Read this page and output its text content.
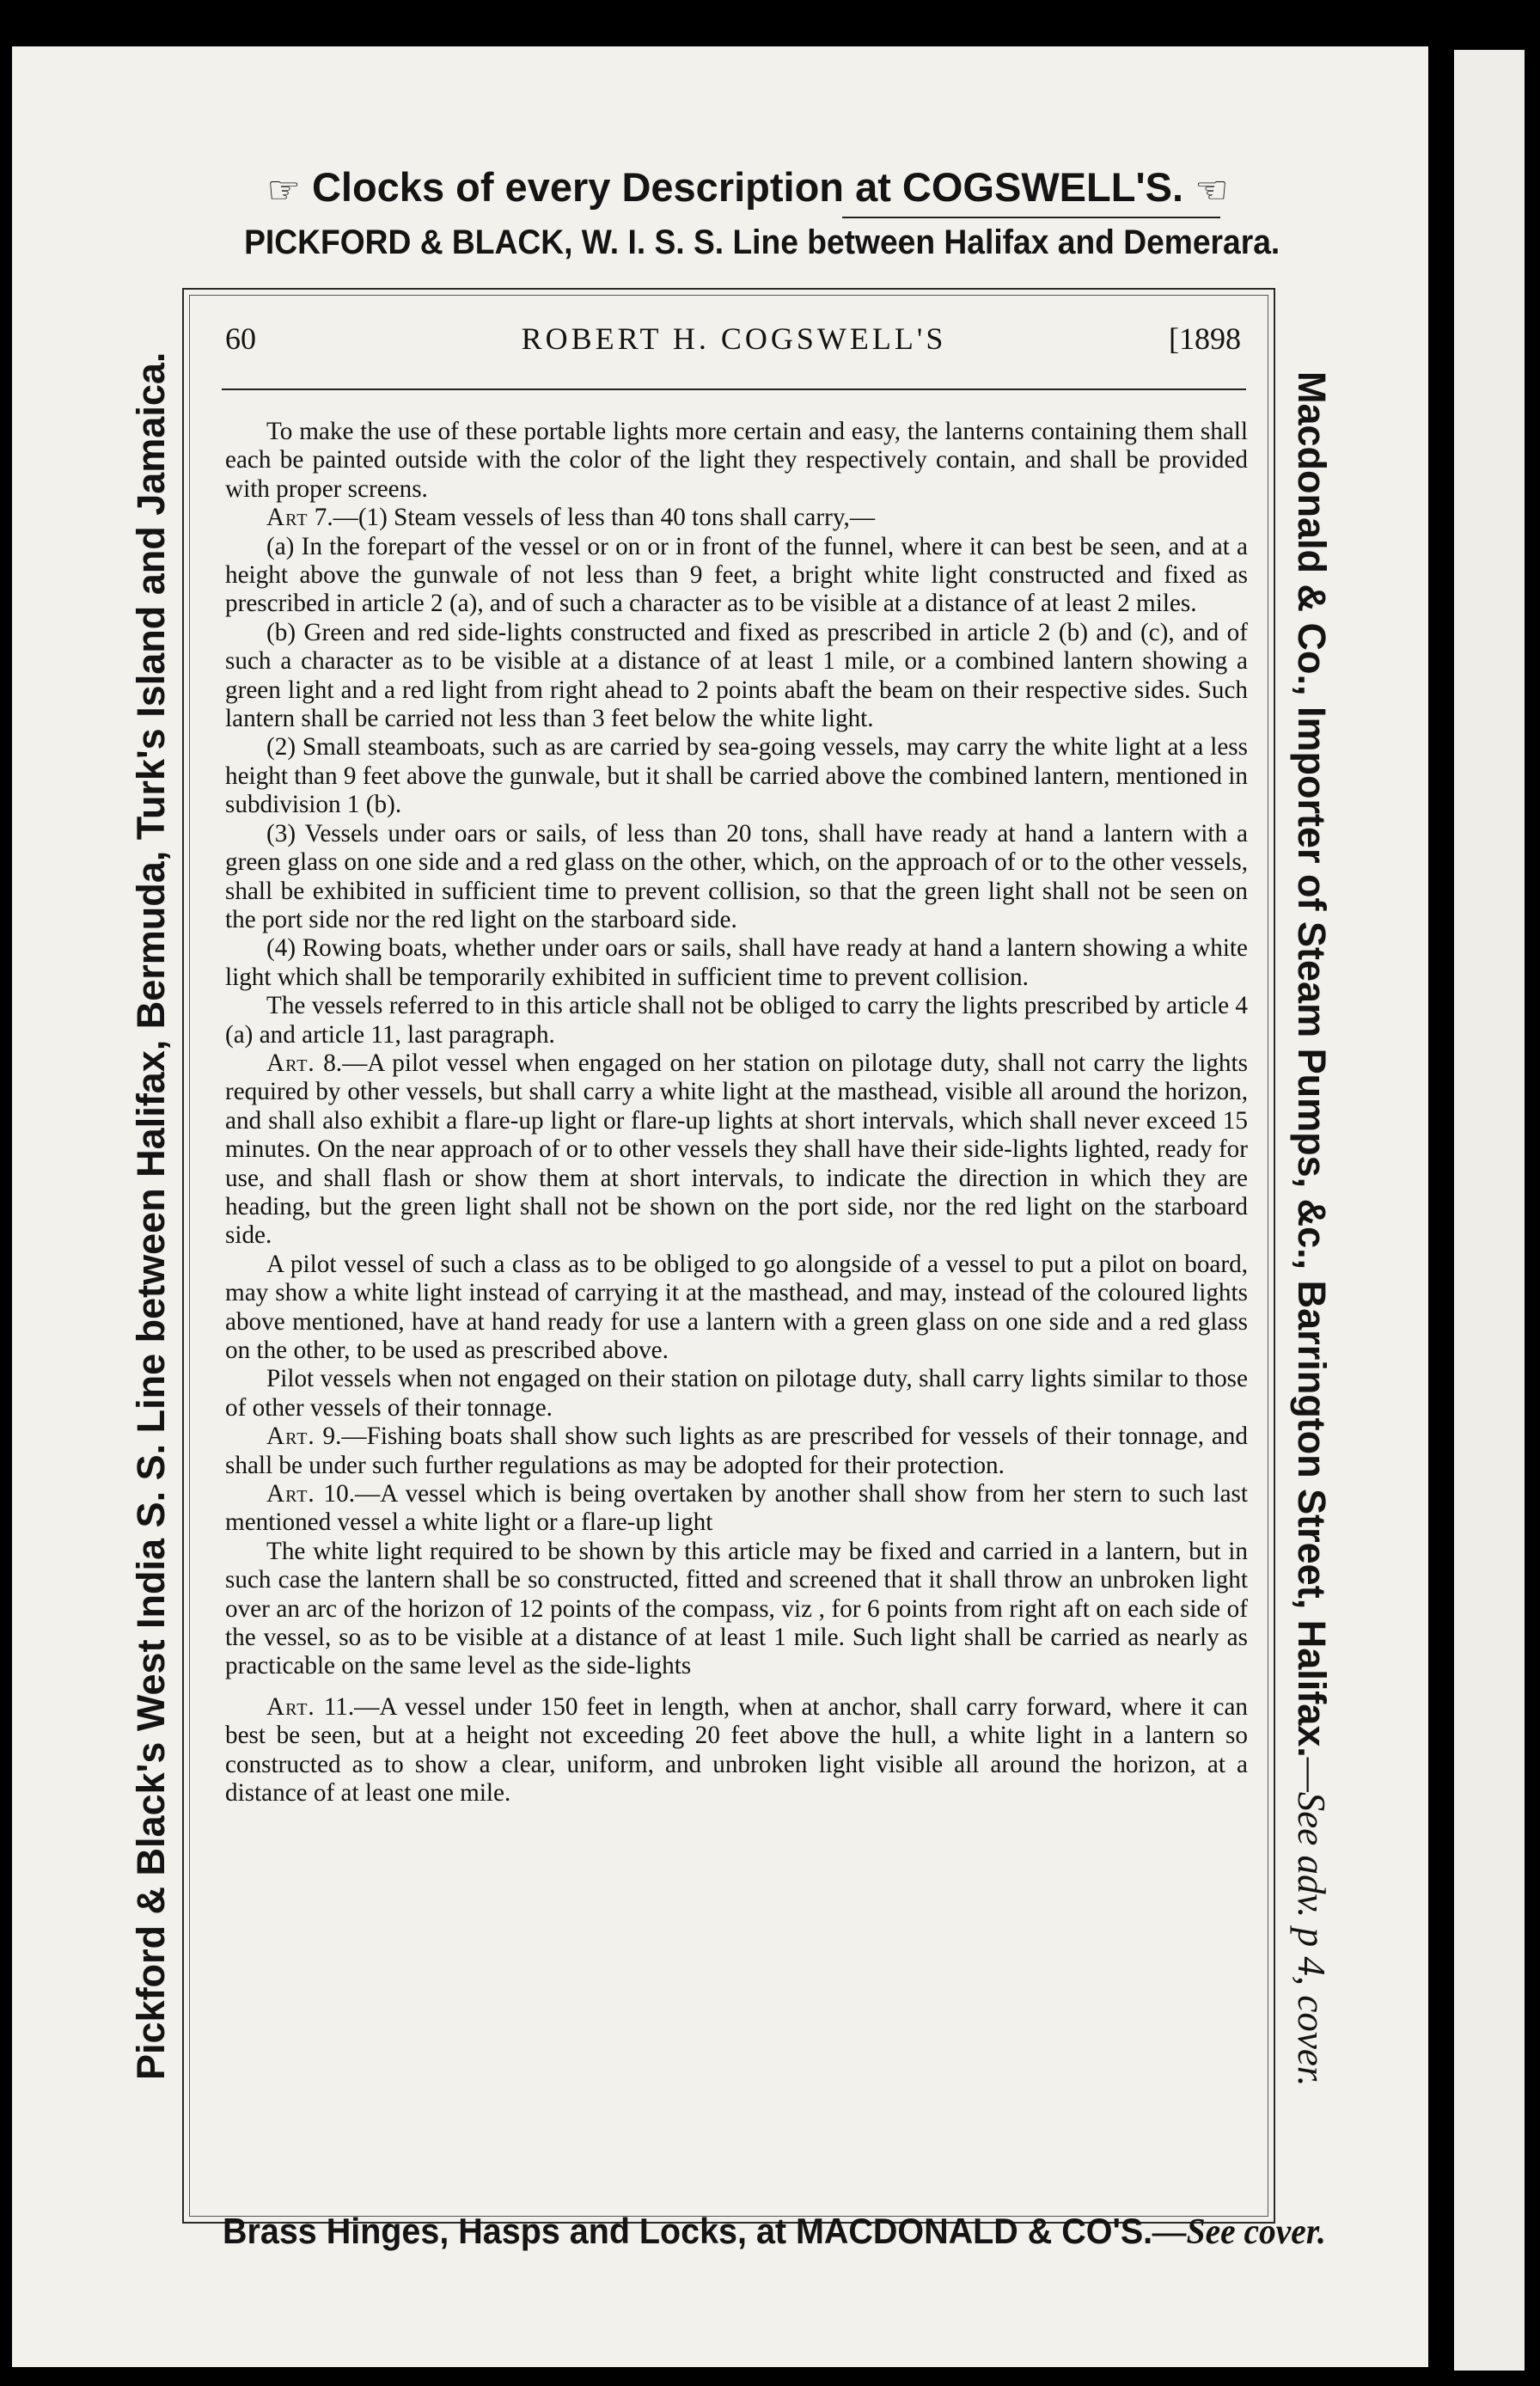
☞ Clocks of every Description at COGSWELL'S. ☞
PICKFORD & BLACK, W. I. S. S. Line between Halifax and Demerara.
Pickford & Black's West India S. S. Line between Halifax, Bermuda, Turk's Island and Jamaica.	Macdonald & Co., Importer of Steam Pumps, &c., Barrington Street, Halifax.—See adv. p 4, cover.
60	ROBERT H. COGSWELL'S	[1898

To make the use of these portable lights more certain and easy, the lanterns containing them shall each be painted outside with the color of the light they respectively contain, and shall be provided with proper screens.

Art 7.—(1) Steam vessels of less than 40 tons shall carry,—

(a) In the forepart of the vessel or on or in front of the funnel, where it can best be seen, and at a height above the gunwale of not less than 9 feet, a bright white light constructed and fixed as prescribed in article 2 (a), and of such a character as to be visible at a distance of at least 2 miles.

(b) Green and red side-lights constructed and fixed as prescribed in article 2 (b) and (c), and of such a character as to be visible at a distance of at least 1 mile, or a combined lantern showing a green light and a red light from right ahead to 2 points abaft the beam on their respective sides. Such lantern shall be carried not less than 3 feet below the white light.

(2) Small steamboats, such as are carried by sea-going vessels, may carry the white light at a less height than 9 feet above the gunwale, but it shall be carried above the combined lantern, mentioned in subdivision 1 (b).

(3) Vessels under oars or sails, of less than 20 tons, shall have ready at hand a lantern with a green glass on one side and a red glass on the other, which, on the approach of or to the other vessels, shall be exhibited in sufficient time to prevent collision, so that the green light shall not be seen on the port side nor the red light on the starboard side.

(4) Rowing boats, whether under oars or sails, shall have ready at hand a lantern showing a white light which shall be temporarily exhibited in sufficient time to prevent collision.

The vessels referred to in this article shall not be obliged to carry the lights prescribed by article 4 (a) and article 11, last paragraph.

Art. 8.—A pilot vessel when engaged on her station on pilotage duty, shall not carry the lights required by other vessels, but shall carry a white light at the masthead, visible all around the horizon, and shall also exhibit a flare-up light or flare-up lights at short intervals, which shall never exceed 15 minutes. On the near approach of or to other vessels they shall have their side-lights lighted, ready for use, and shall flash or show them at short intervals, to indicate the direction in which they are heading, but the green light shall not be shown on the port side, nor the red light on the starboard side.

A pilot vessel of such a class as to be obliged to go alongside of a vessel to put a pilot on board, may show a white light instead of carrying it at the masthead, and may, instead of the coloured lights above mentioned, have at hand ready for use a lantern with a green glass on one side and a red glass on the other, to be used as prescribed above.

Pilot vessels when not engaged on their station on pilotage duty, shall carry lights similar to those of other vessels of their tonnage.

Art. 9.—Fishing boats shall show such lights as are prescribed for vessels of their tonnage, and shall be under such further regulations as may be adopted for their protection.

Art. 10.—A vessel which is being overtaken by another shall show from her stern to such last mentioned vessel a white light or a flare-up light

The white light required to be shown by this article may be fixed and carried in a lantern, but in such case the lantern shall be so constructed, fitted and screened that it shall throw an unbroken light over an arc of the horizon of 12 points of the compass, viz , for 6 points from right aft on each side of the vessel, so as to be visible at a distance of at least 1 mile. Such light shall be carried as nearly as practicable on the same level as the side-lights

Art. 11.—A vessel under 150 feet in length, when at anchor, shall carry forward, where it can best be seen, but at a height not exceeding 20 feet above the hull, a white light in a lantern so constructed as to show a clear, uniform, and unbroken light visible all around the horizon, at a distance of at least one mile.

Brass Hinges, Hasps and Locks, at MACDONALD & CO'S.—See cover.
